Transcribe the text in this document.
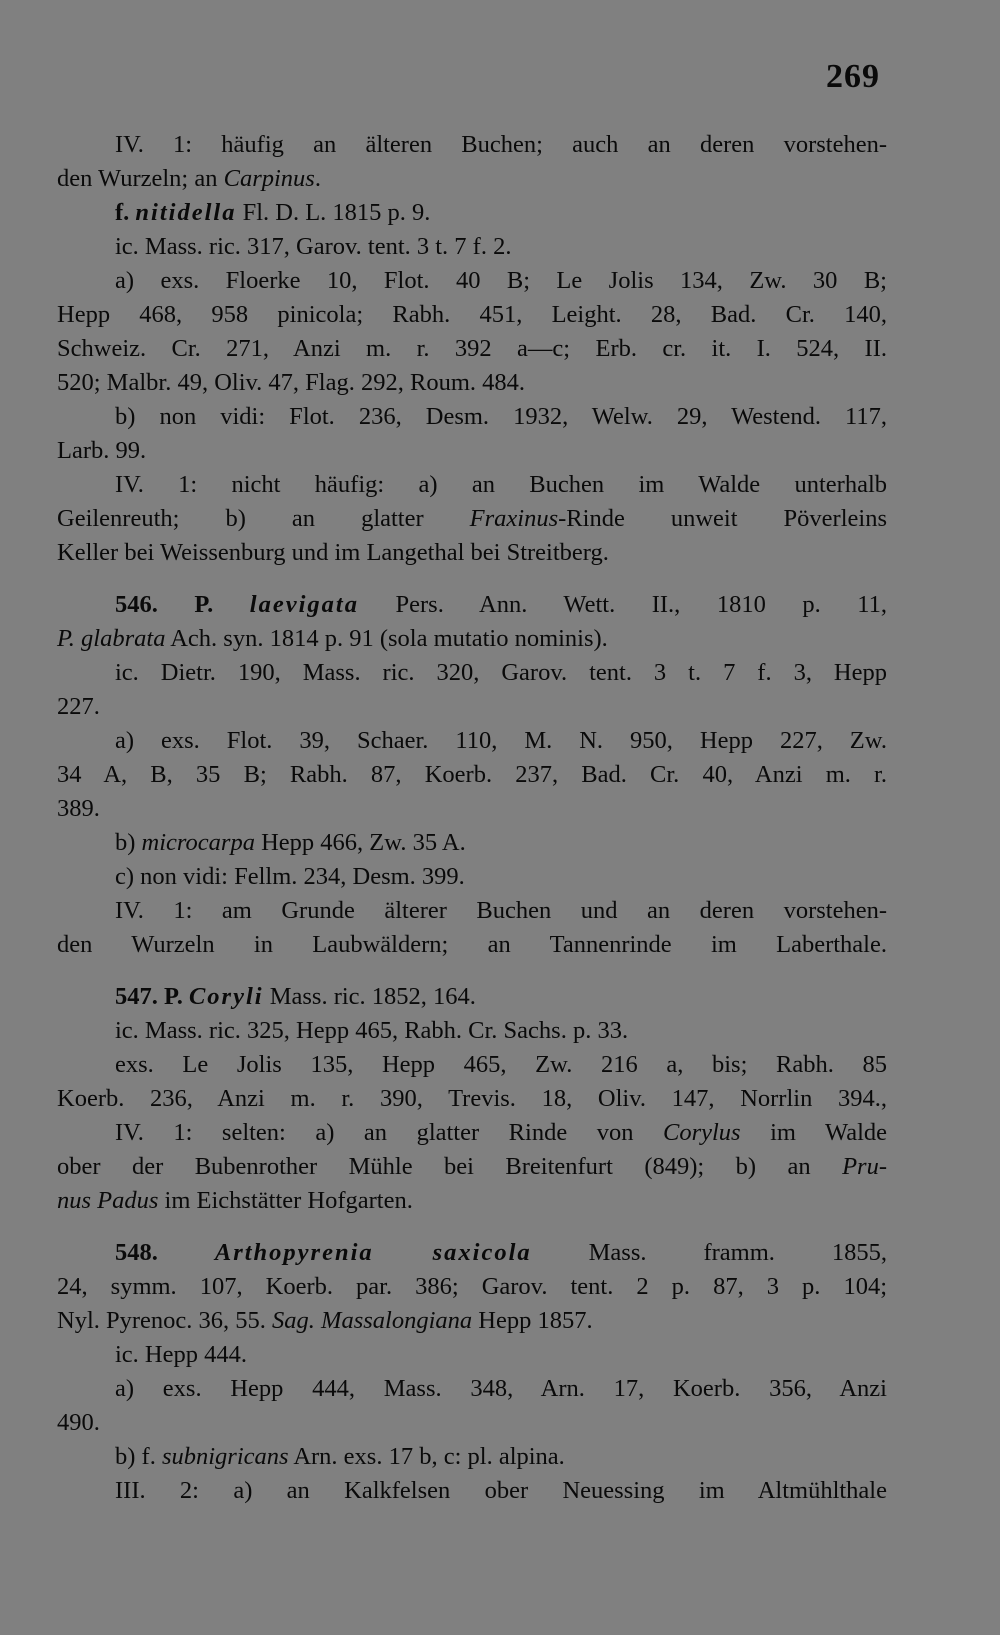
269
IV. 1: häufig an älteren Buchen; auch an deren vorstehen-
den Wurzeln; an Carpinus.
f. nitidella Fl. D. L. 1815 p. 9.
ic. Mass. ric. 317, Garov. tent. 3 t. 7 f. 2.
a) exs. Floerke 10, Flot. 40 B; Le Jolis 134, Zw. 30 B;
Hepp 468, 958 pinicola; Rabh. 451, Leight. 28, Bad. Cr. 140,
Schweiz. Cr. 271, Anzi m. r. 392 a—c; Erb. cr. it. I. 524, II.
520; Malbr. 49, Oliv. 47, Flag. 292, Roum. 484.
b) non vidi: Flot. 236, Desm. 1932, Welw. 29, Westend. 117,
Larb. 99.
IV. 1: nicht häufig: a) an Buchen im Walde unterhalb
Geilenreuth; b) an glatter Fraxinus-Rinde unweit Pöverleins
Keller bei Weissenburg und im Langethal bei Streitberg.
546. P. laevigata Pers. Ann. Wett. II., 1810 p. 11,
P. glabrata Ach. syn. 1814 p. 91 (sola mutatio nominis).
ic. Dietr. 190, Mass. ric. 320, Garov. tent. 3 t. 7 f. 3, Hepp
227.
a) exs. Flot. 39, Schaer. 110, M. N. 950, Hepp 227, Zw.
34 A, B, 35 B; Rabh. 87, Koerb. 237, Bad. Cr. 40, Anzi m. r.
389.
b) microcarpa Hepp 466, Zw. 35 A.
c) non vidi: Fellm. 234, Desm. 399.
IV. 1: am Grunde älterer Buchen und an deren vorstehen-
den Wurzeln in Laubwäldern; an Tannenrinde im Laberthale.
547. P. Coryli Mass. ric. 1852, 164.
ic. Mass. ric. 325, Hepp 465, Rabh. Cr. Sachs. p. 33.
exs. Le Jolis 135, Hepp 465, Zw. 216 a, bis; Rabh. 85
Koerb. 236, Anzi m. r. 390, Trevis. 18, Oliv. 147, Norrlin 394.,
IV. 1: selten: a) an glatter Rinde von Corylus im Walde
ober der Bubenrother Mühle bei Breitenfurt (849); b) an Pru-
nus Padus im Eichstätter Hofgarten.
548. Arthopyrenia saxicola Mass. framm. 1855,
24, symm. 107, Koerb. par. 386; Garov. tent. 2 p. 87, 3 p. 104;
Nyl. Pyrenoc. 36, 55. Sag. Massalongiana Hepp 1857.
ic. Hepp 444.
a) exs. Hepp 444, Mass. 348, Arn. 17, Koerb. 356, Anzi
490.
b) f. subnigricans Arn. exs. 17 b, c: pl. alpina.
III. 2: a) an Kalkfelsen ober Neuessing im Altmühlthale
